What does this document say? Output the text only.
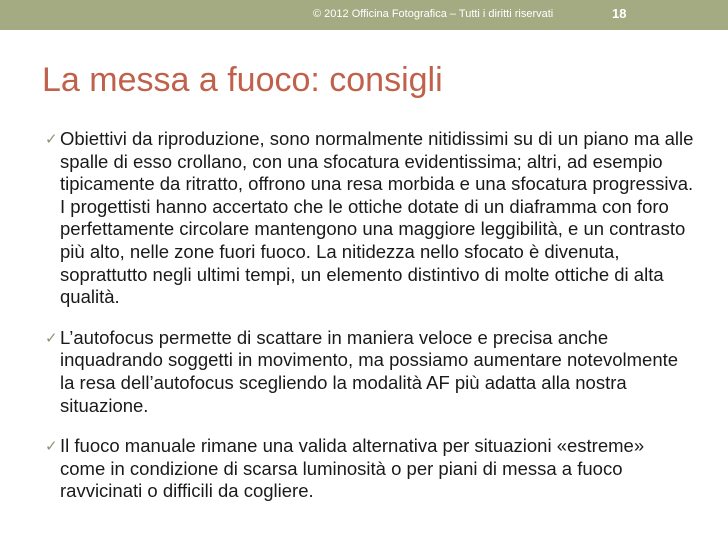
© 2012 Officina Fotografica – Tutti i diritti riservati	18
La messa a fuoco: consigli
✓ Obiettivi da riproduzione, sono normalmente nitidissimi su di un piano ma alle spalle di esso crollano, con una sfocatura evidentissima; altri, ad esempio tipicamente da ritratto, offrono una resa morbida e una sfocatura progressiva. I progettisti hanno accertato che le ottiche dotate di un diaframma con foro perfettamente circolare mantengono una maggiore leggibilità, e un contrasto più alto, nelle zone fuori fuoco. La nitidezza nello sfocato è divenuta, soprattutto negli ultimi tempi, un elemento distintivo di molte ottiche di alta qualità.
✓ L’autofocus permette di scattare in maniera veloce e precisa anche inquadrando soggetti in movimento, ma possiamo aumentare notevolmente la resa dell’autofocus scegliendo la modalità AF più adatta alla nostra situazione.
✓ Il fuoco manuale rimane una valida alternativa per situazioni «estreme» come in condizione di scarsa luminosità o per piani di messa a fuoco ravvicinati o difficili da cogliere.
